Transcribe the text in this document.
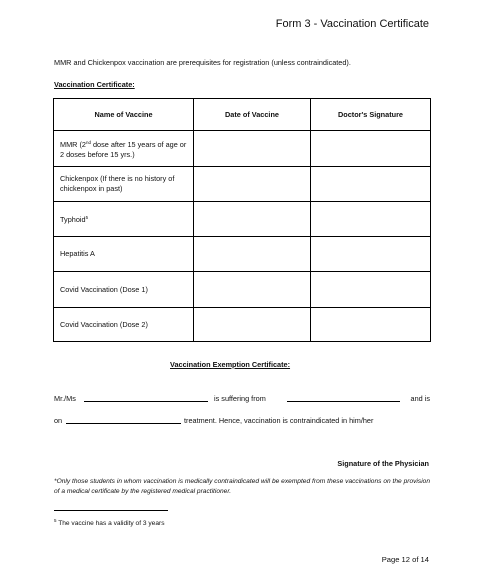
Form 3 - Vaccination Certificate
MMR and Chickenpox vaccination are prerequisites for registration (unless contraindicated).
Vaccination Certificate:
Name of Vaccine	Date of Vaccine	Doctor's Signature
MMR (2nd dose after 15 years of age or 2 doses before 15 yrs.)		
Chickenpox (If there is no history of chickenpox in past)		
Typhoid$^5$		
Hepatitis A		
Covid Vaccination (Dose 1)		
Covid Vaccination (Dose 2)		
Vaccination Exemption Certificate:
Mr./Ms	is suffering from	and is
on	treatment. Hence, vaccination is contraindicated in him/her
Signature of the Physician
*Only those students in whom vaccination is medically contraindicated will be exempted from these vaccinations on the provision of a medical certificate by the registered medical practitioner.
$^5$ The vaccine has a validity of 3 years
Page 12 of 14
